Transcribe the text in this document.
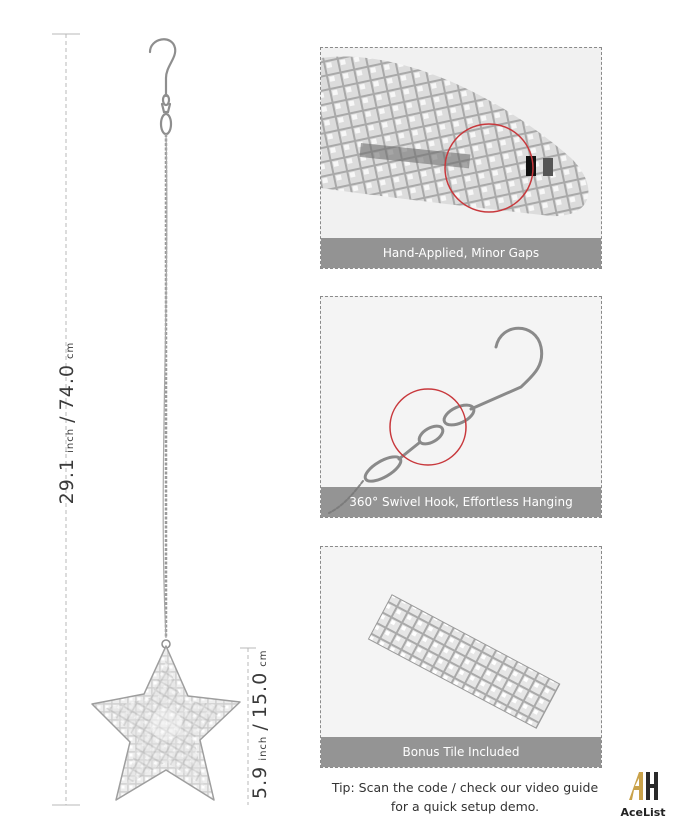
29.1 inch / 74.0 cm
5.9 inch / 15.0 cm
Hand-Applied, Minor Gaps
360° Swivel Hook, Effortless Hanging
Bonus Tile Included
Tip: Scan the code / check our video guide for a quick setup demo.	AceList
